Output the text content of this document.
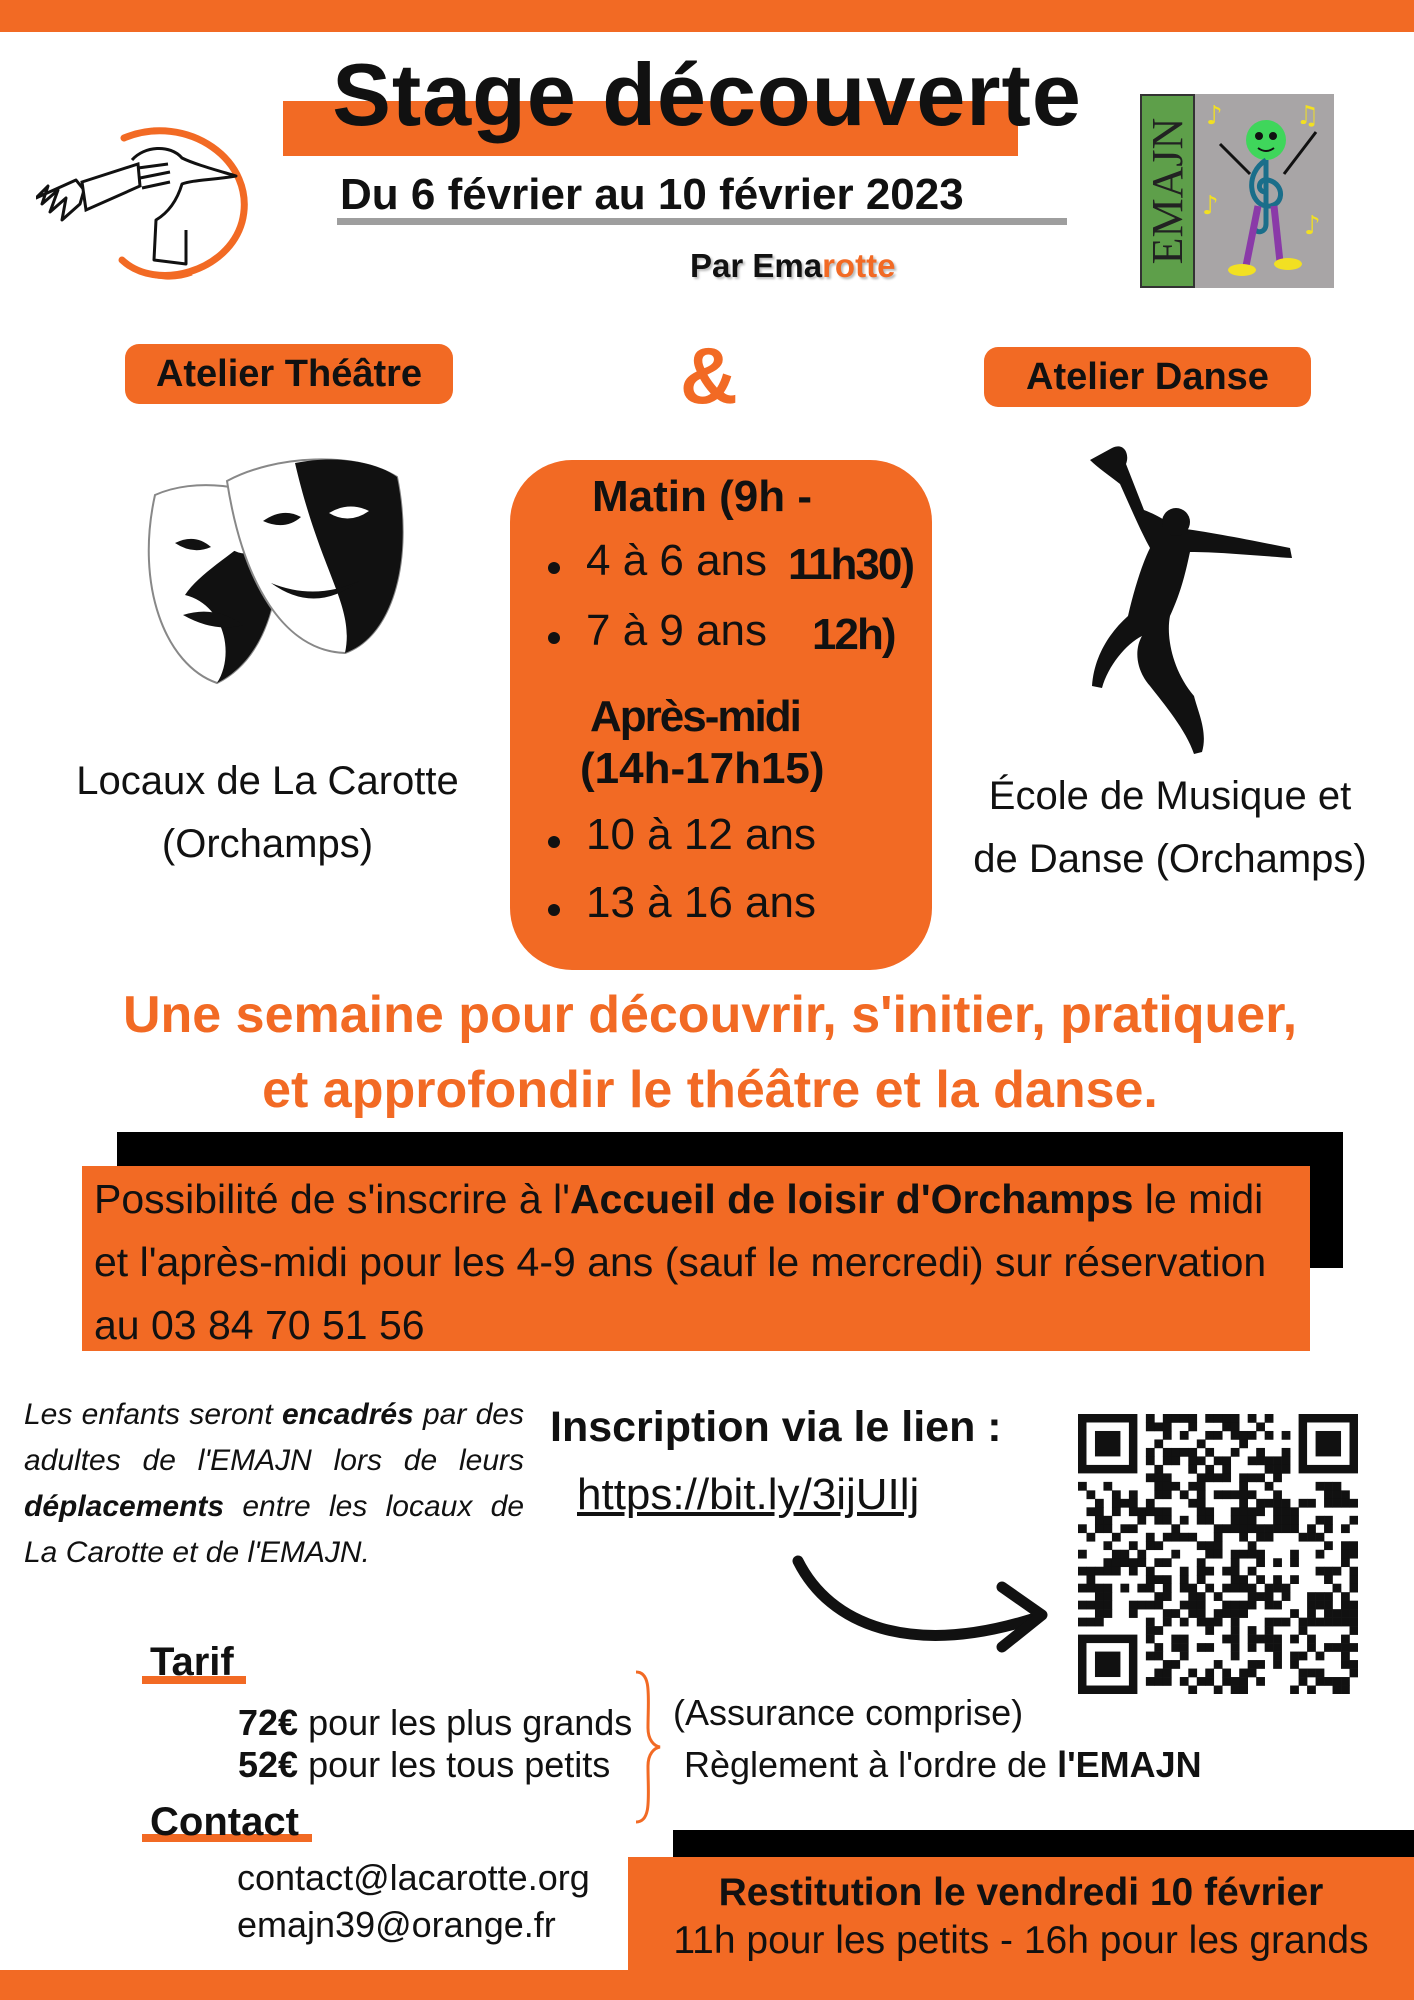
Stage découverte
Du 6 février au 10 février 2023
Par Emarotte
EMAJN
♪	♫
♪
♪
Atelier Théâtre	&	Atelier Danse
Locaux de La Carotte
(Orchamps)
École de Musique et
de Danse (Orchamps)
Matin (9h -
4 à 6 ans 11h30)
7 à 9 ans 12h)
Après-midi
(14h-17h15)
10 à 12 ans
13 à 16 ans
Une semaine pour découvrir, s'initier, pratiquer,
et approfondir le théâtre et la danse.
Possibilité de s'inscrire à l'Accueil de loisir d'Orchamps le midi et l'après-midi pour les 4-9 ans (sauf le mercredi) sur réservation au 03 84 70 51 56
Les enfants seront encadrés par des adultes de l'EMAJN lors de leurs déplacements entre les locaux de La Carotte et de l'EMAJN.
Inscription via le lien :
https://bit.ly/3ijUIlj
Tarif
72€ pour les plus grands
52€ pour les tous petits
(Assurance comprise)
Règlement à l'ordre de l'EMAJN
Contact
contact@lacarotte.org
emajn39@orange.fr
Restitution le vendredi 10 février
11h pour les petits - 16h pour les grands
